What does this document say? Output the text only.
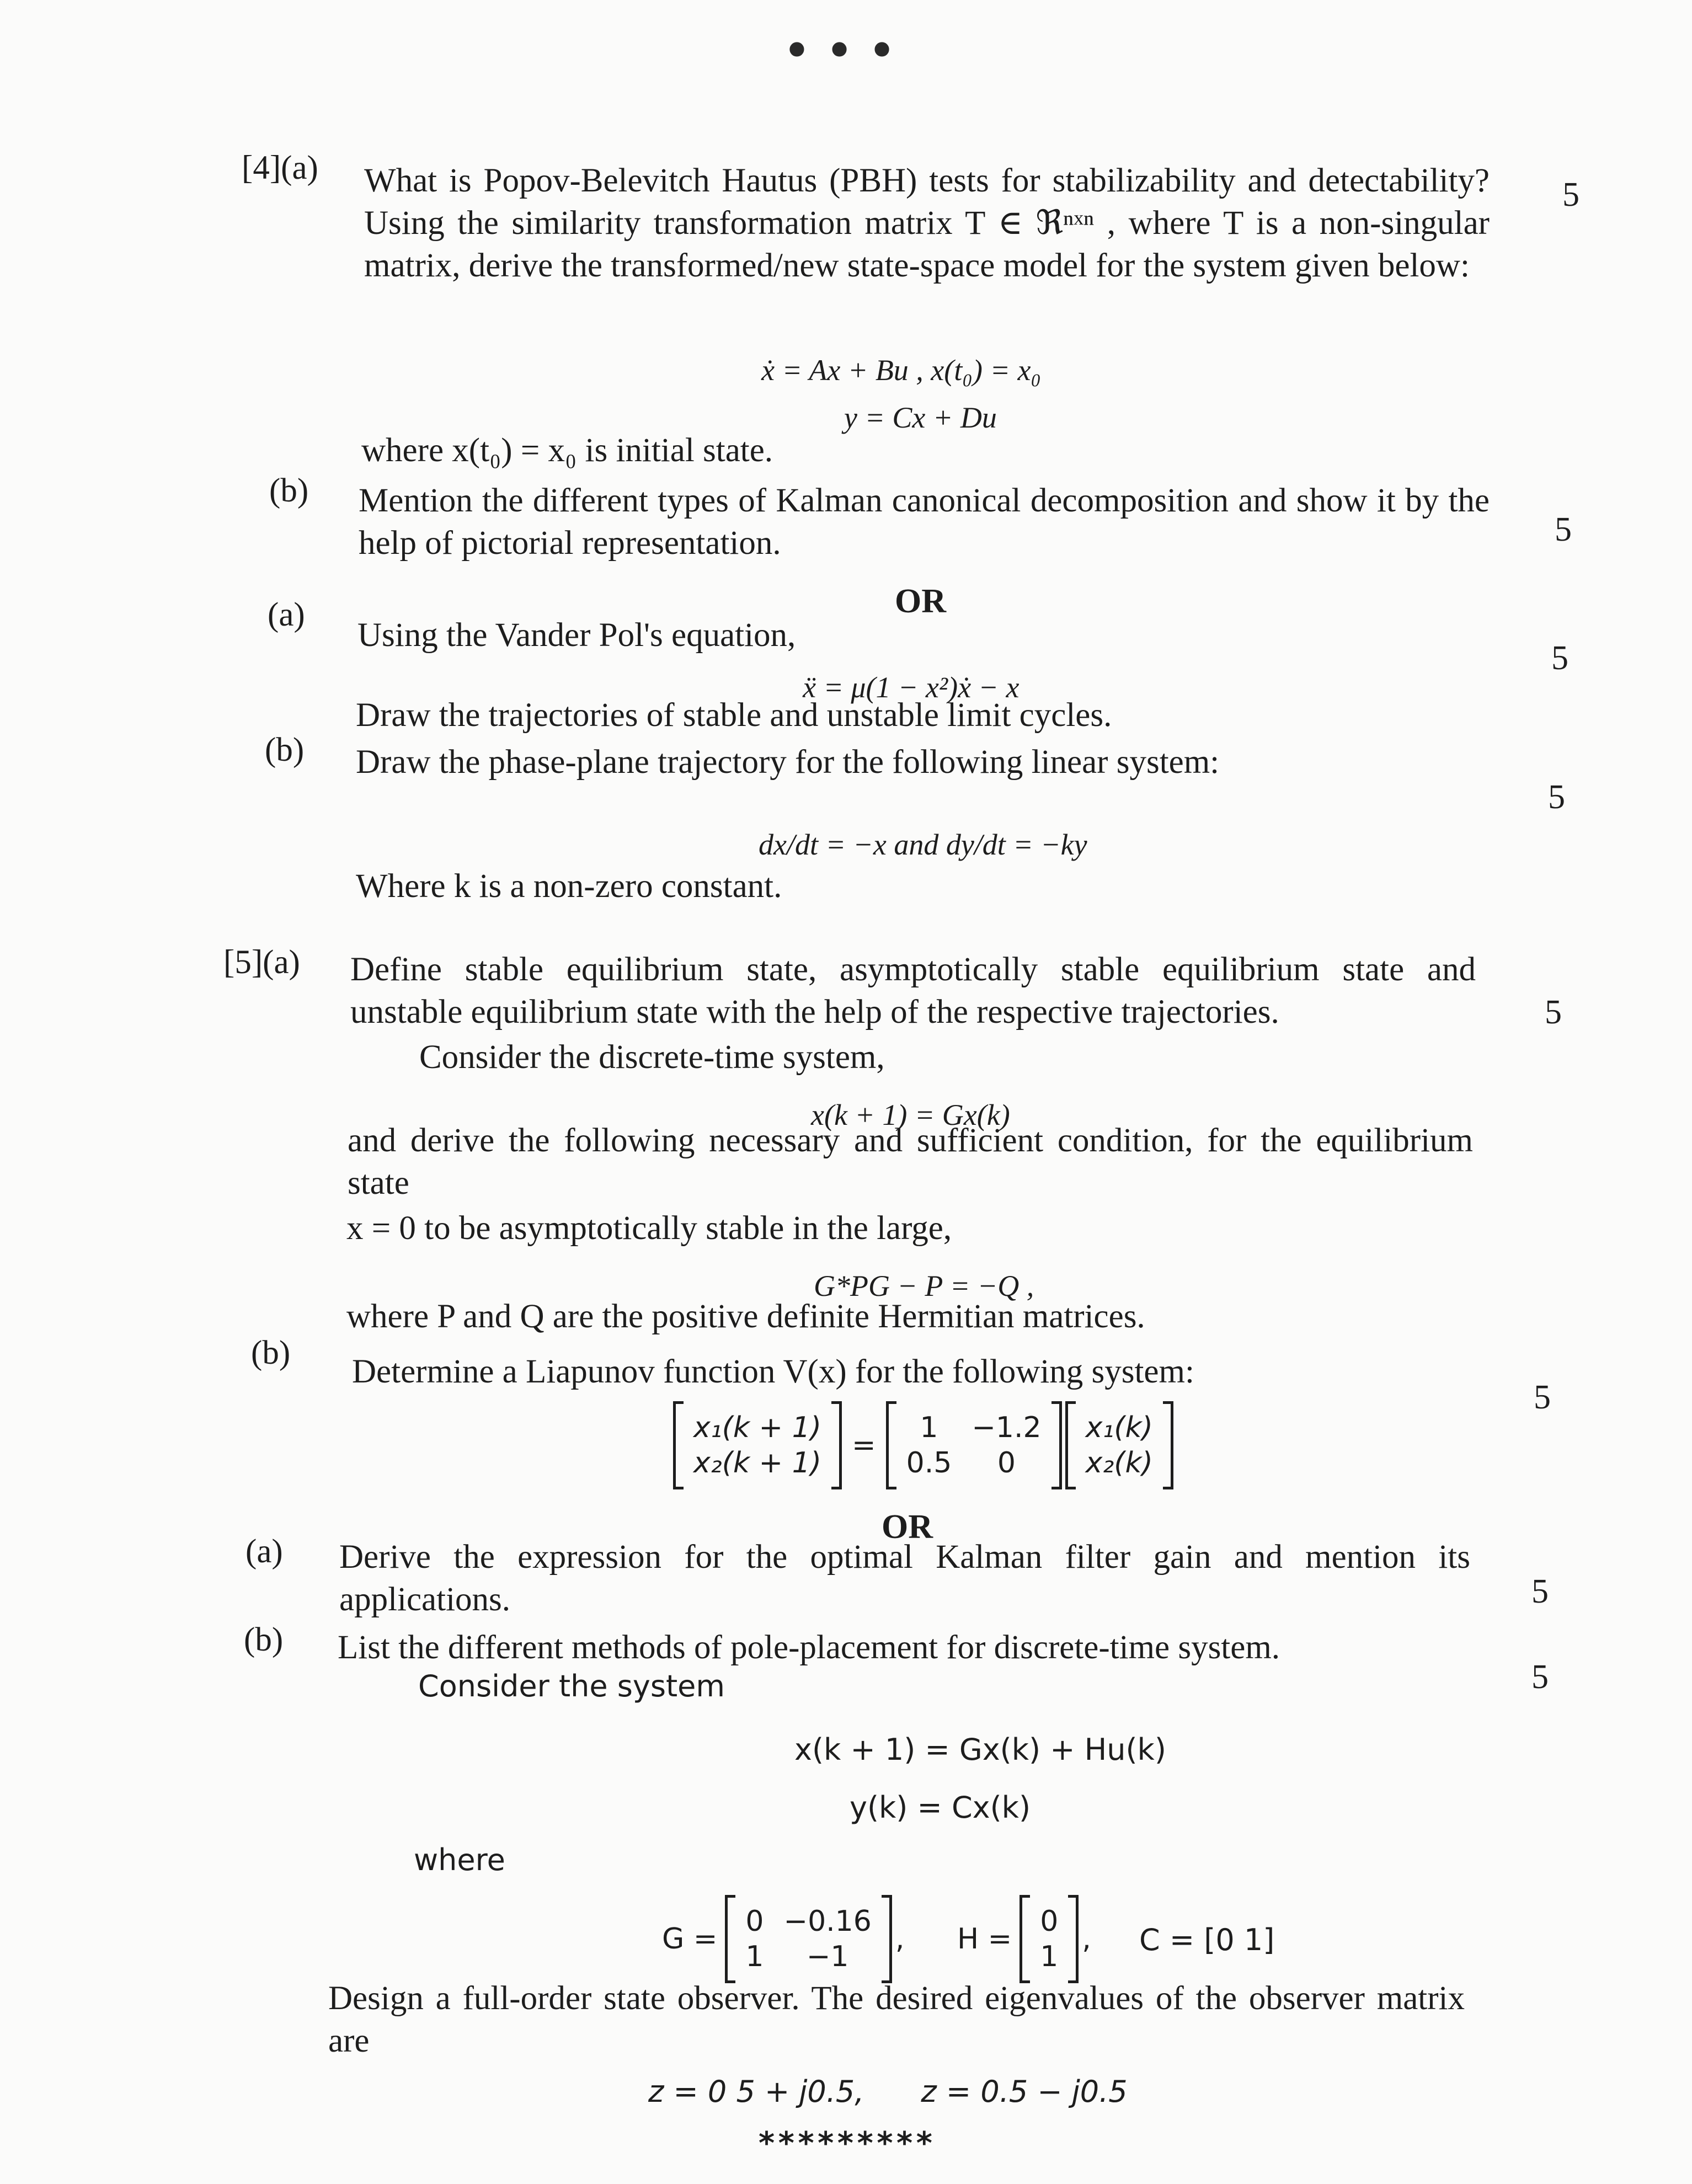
•••
[4](a) What is Popov-Belevitch Hautus (PBH) tests for stabilizability and detectability? Using the similarity transformation matrix T ∈ ℜⁿˣⁿ , where T is a non-singular matrix, derive the transformed/new state-space model for the system given below:
5
ẋ = Ax + Bu , x(t₀) = x₀
y = Cx + Du
where x(t₀) = x₀ is initial state.
(b) Mention the different types of Kalman canonical decomposition and show it by the help of pictorial representation.	5
OR
(a)
Using the Vander Pol's equation,
5
ẍ = μ(1 − x²)ẋ − x
Draw the trajectories of stable and unstable limit cycles.
(b) Draw the phase-plane trajectory for the following linear system:
5
dx/dt = −x and dy/dt = −ky
Where k is a non-zero constant.
[5](a) Define stable equilibrium state, asymptotically stable equilibrium state and unstable equilibrium state with the help of the respective trajectories.	5
Consider the discrete-time system,
x(k + 1) = Gx(k)
and derive the following necessary and sufficient condition, for the equilibrium state
x = 0 to be asymptotically stable in the large,
G*PG − P = −Q ,
where P and Q are the positive definite Hermitian matrices.
(b)
Determine a Liapunov function V(x) for the following system:
5
x₁(k + 1)
x₂(k + 1)
=
1	−1.2
0.5	0
x₁(k)
x₂(k)
OR
(a) Derive the expression for the optimal Kalman filter gain and mention its applications.	5
(b) List the different methods of pole-placement for discrete-time system.
5
Consider the system
x(k + 1) = Gx(k) + Hu(k)
y(k) = Cx(k)
where
G =
0	−0.16
1	−1
, H =
0
1
, C = [0 1]
Design a full-order state observer. The desired eigenvalues of the observer matrix are
z = 0 5 + j0.5,      z = 0.5 − j0.5
*********
